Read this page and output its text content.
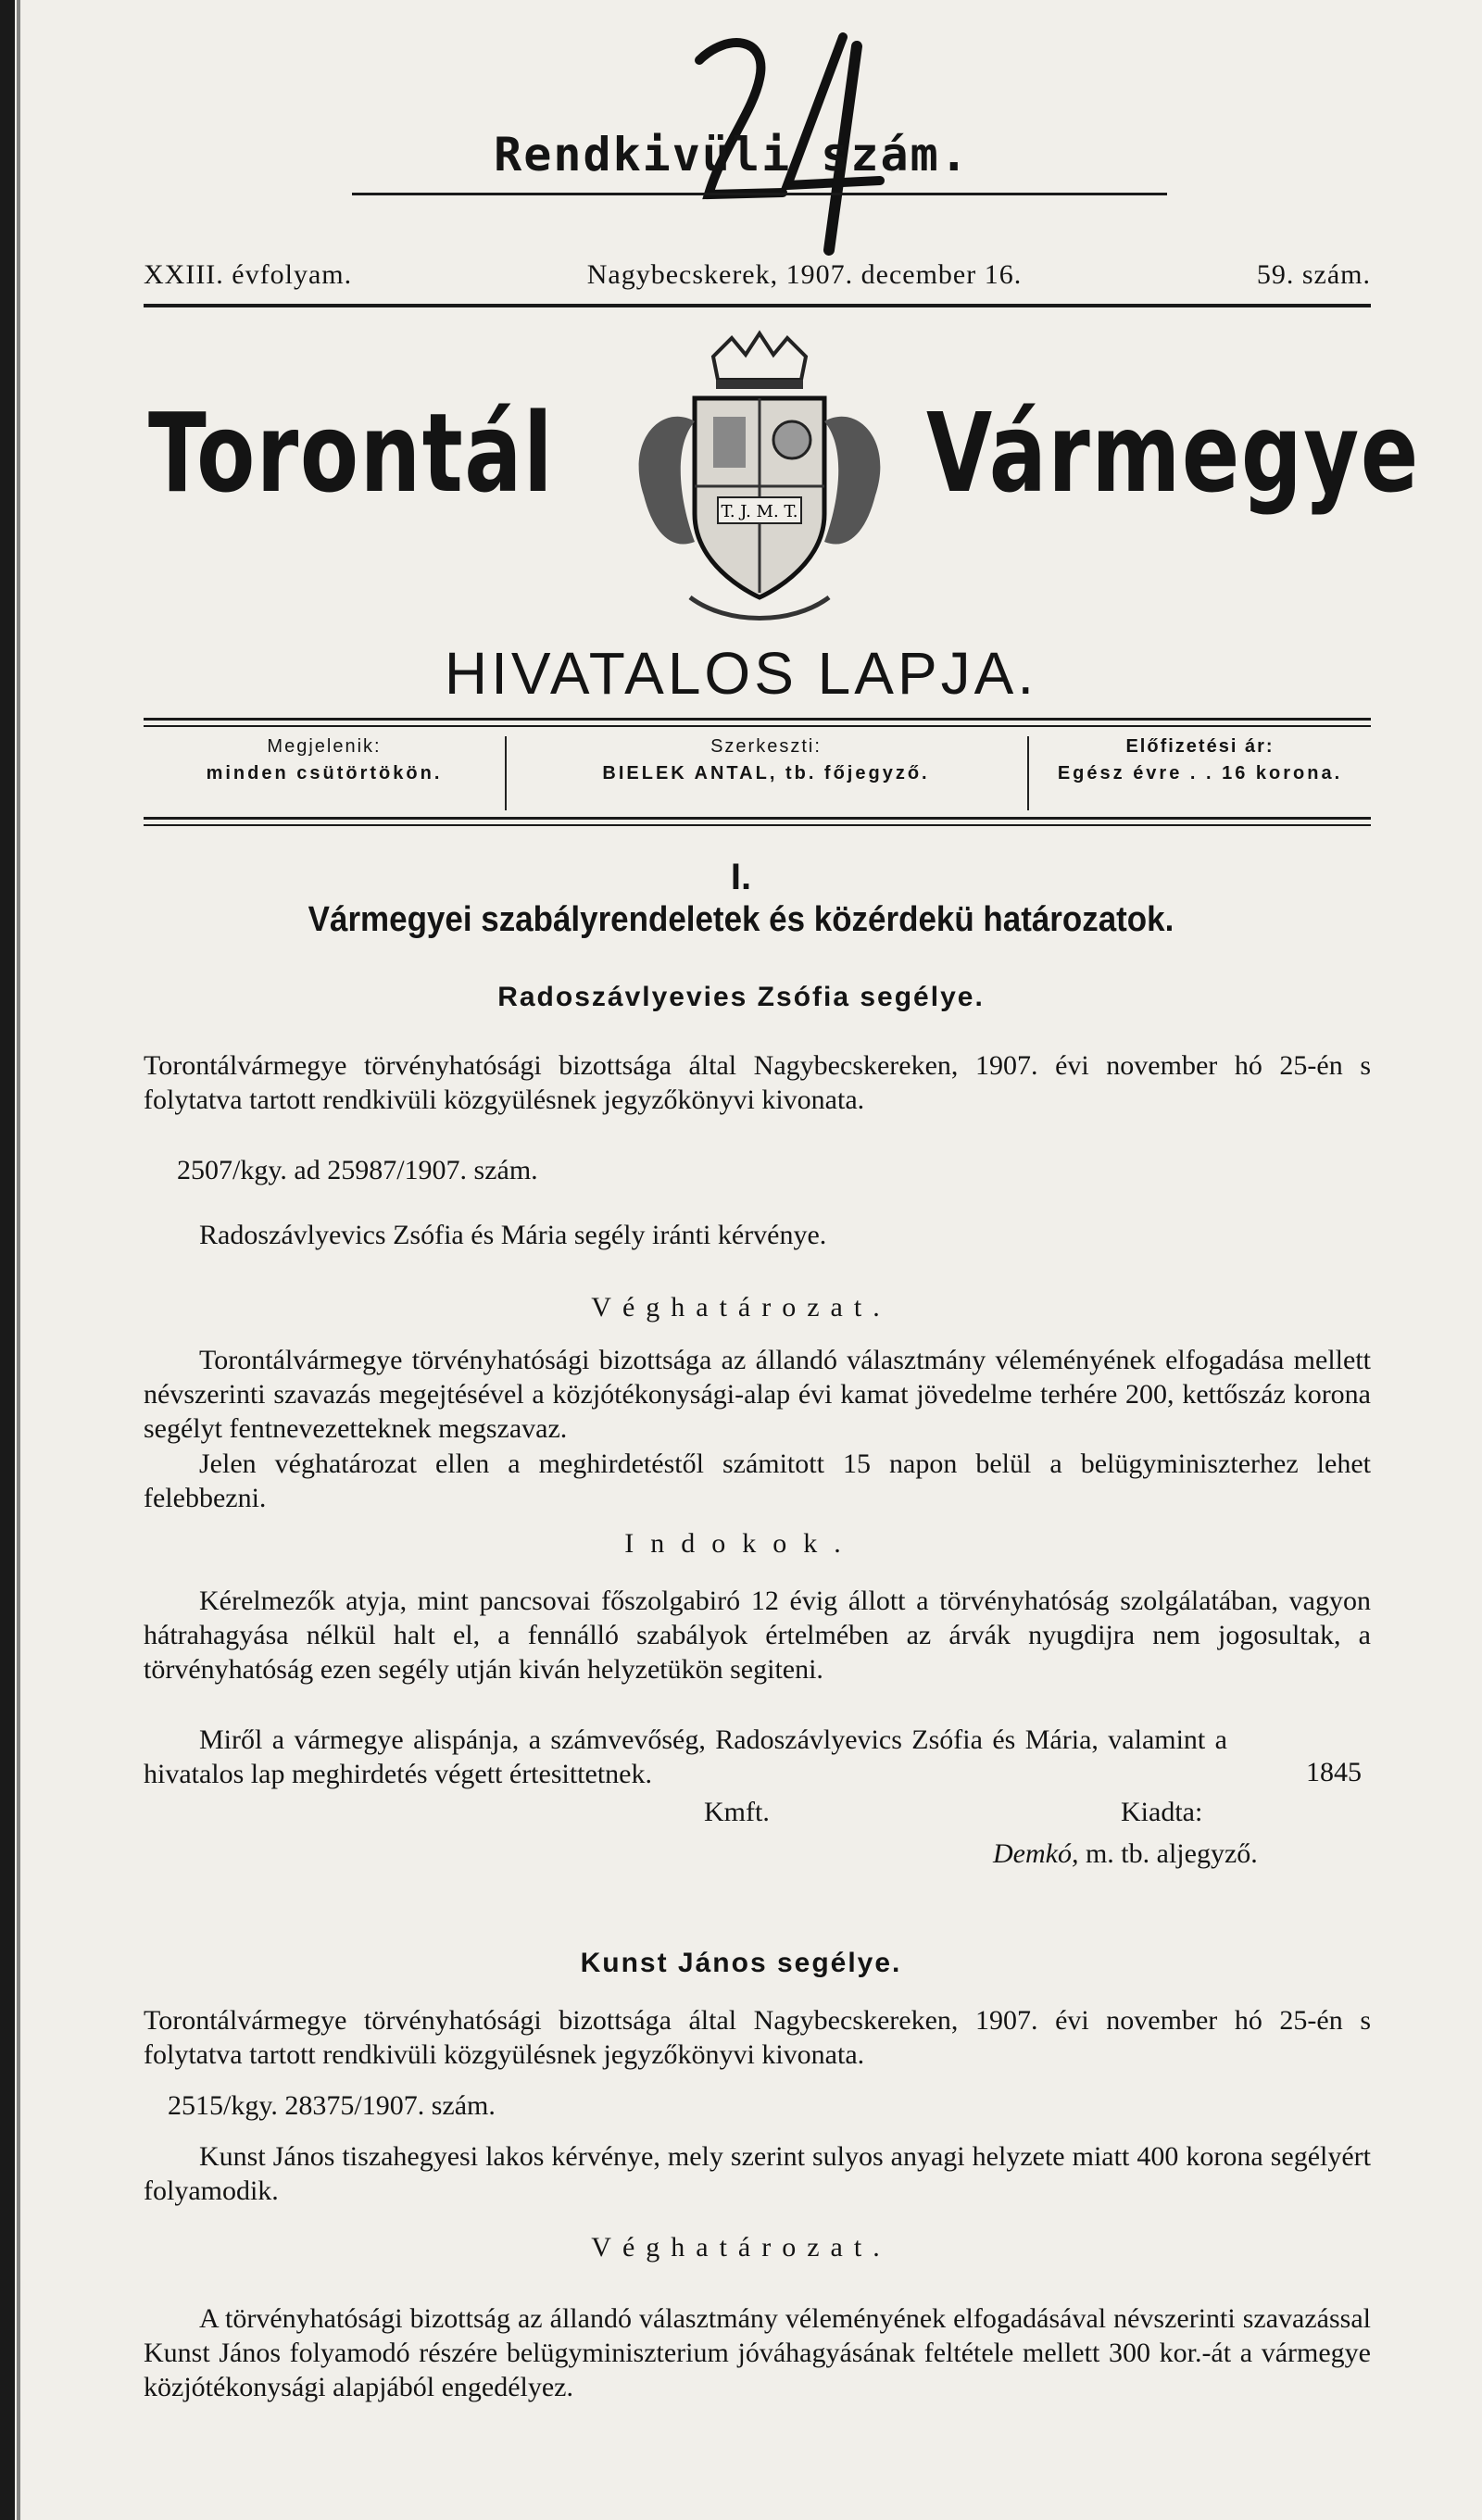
Rendkivüli szám.
XXIII. évfolyam.	Nagybecskerek, 1907. december 16.	59. szám.
Torontál	T. J. M. T. Vármegye
HIVATALOS LAPJA.
Megjelenik:
minden csütörtökön.
Szerkeszti:
BIELEK ANTAL, tb. főjegyző.
Előfizetési ár:
Egész évre . . 16 korona.
I.
Vármegyei szabályrendeletek és közérdekü határozatok.
Radoszávlyevies Zsófia segélye.
Torontálvármegye törvényhatósági bizottsága által Nagybecskereken, 1907. évi november hó 25-én s folytatva tartott rendkivüli közgyülésnek jegyzőkönyvi kivonata.
2507/kgy. ad 25987/1907. szám.
Radoszávlyevics Zsófia és Mária segély iránti kérvénye.
Véghatározat.
Torontálvármegye törvényhatósági bizottsága az állandó választmány véleményének elfogadása mellett névszerinti szavazás megejtésével a közjótékonysági-alap évi kamat jövedelme terhére 200, kettőszáz korona segélyt fentnevezetteknek megszavaz.
Jelen véghatározat ellen a meghirdetéstől számitott 15 napon belül a belügyminiszterhez lehet felebbezni.
Indokok.
Kérelmezők atyja, mint pancsovai főszolgabiró 12 évig állott a törvényhatóság szolgálatában, vagyon hátrahagyása nélkül halt el, a fennálló szabályok értelmében az árvák nyugdijra nem jogosultak, a törvényhatóság ezen segély utján kiván helyzetükön segiteni.
Miről a vármegye alispánja, a számvevőség, Radoszávlyevics Zsófia és Mária, valamint a hivatalos lap meghirdetés végett értesittetnek.	1845
Kmft.	Kiadta:
Demkó, m. tb. aljegyző.
Kunst János segélye.
Torontálvármegye törvényhatósági bizottsága által Nagybecskereken, 1907. évi november hó 25-én s folytatva tartott rendkivüli közgyülésnek jegyzőkönyvi kivonata.
2515/kgy. 28375/1907. szám.
Kunst János tiszahegyesi lakos kérvénye, mely szerint sulyos anyagi helyzete miatt 400 korona segélyért folyamodik.
Véghatározat.
A törvényhatósági bizottság az állandó választmány véleményének elfogadásával névszerinti szavazással Kunst János folyamodó részére belügyminiszterium jóváhagyásának feltétele mellett 300 kor.-át a vármegye közjótékonysági alapjából engedélyez.
